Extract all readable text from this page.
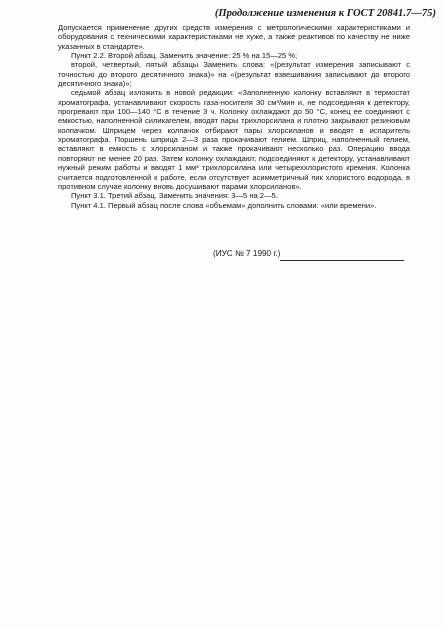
(Продолжение изменения к ГОСТ 20841.7—75)

Допускается применение других средств измерения с метрологическими характеристиками и оборудования с техническими характеристиками не хуже, а также реактивов по качеству не ниже указанных в стандарте».

Пункт 2.2. Второй абзац. Заменить значение: 25 % на 15—25 %;

второй, четвертый, пятый абзацы Заменить слова: «(результат измерения записывают с точностью до второго десятичного знака)» на «(результат взвешивания записывают до второго десятичного знака)»;

седьмой абзац изложить в новой редакции: «Заполненную колонку вставляют в термостат хроматографа, устанавливают скорость газа-носителя 30 см³/мин и, не подсоединяя к детектору, прогревают при 100—140 °С в течение 3 ч. Колонку охлаждают до 50 °С, конец ее соединяют с емкостью, наполненной силикагелем, вводят пары трихлорсилана и плотно закрывают резиновым колпачком. Шприцем через колпачок отбирают пары хлорсиланов и вводят в испаритель хроматографа. Поршень шприца 2—3 раза прокачивают гелием. Шприц, наполненный гелием, вставляют в емкость с хлорсиланом и также прокачивают несколько раз. Операцию ввода повторяют не менее 20 раз. Затем колонку охлаждают, подсоединяют к детектору, устанавливают нужный режим работы и вводят 1 мм³ трихлорсилана или четыреххлористого кремния. Колонка считается подготовленной к работе, если отсутствует асимметричный пик хлористого водорода, в противном случае колонку вновь досушивают парами хлорсиланов».

Пункт 3.1. Третий абзац. Заменить значения: 3—5 на 2—5.

Пункт 4.1. Первый абзац после слова «объемам» дополнить словами: «или времени».

(ИУС № 7 1990 г.)
